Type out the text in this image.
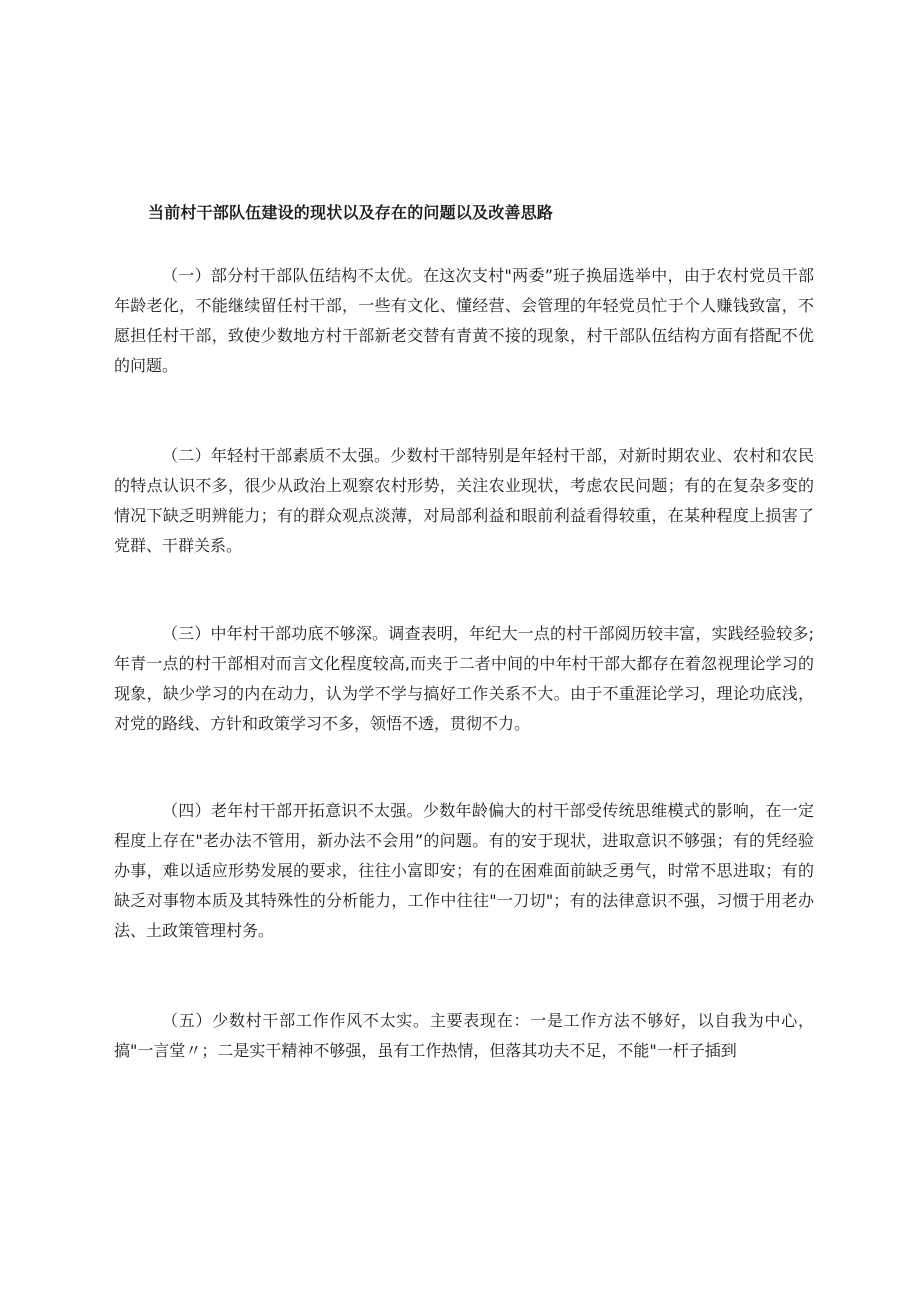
当前村干部队伍建设的现状以及存在的问题以及改善思路

（一）部分村干部队伍结构不太优。在这次支村"两委”班子换届选举中，由于农村党员干部年龄老化，不能继续留任村干部，一些有文化、懂经营、会管理的年轻党员忙于个人赚钱致富，不愿担任村干部，致使少数地方村干部新老交替有青黄不接的现象，村干部队伍结构方面有搭配不优的问题。

（二）年轻村干部素质不太强。少数村干部特别是年轻村干部，对新时期农业、农村和农民的特点认识不多，很少从政治上观察农村形势，关注农业现状，考虑农民问题；有的在复杂多变的情况下缺乏明辨能力；有的群众观点淡薄，对局部利益和眼前利益看得较重，在某种程度上损害了党群、干群关系。

（三）中年村干部功底不够深。调查表明，年纪大一点的村干部阅历较丰富，实践经验较多;年青一点的村干部相对而言文化程度较高,而夹于二者中间的中年村干部大都存在着忽视理论学习的现象，缺少学习的内在动力，认为学不学与搞好工作关系不大。由于不重涯论学习，理论功底浅，对党的路线、方针和政策学习不多，领悟不透，贯彻不力。

（四）老年村干部开拓意识不太强。少数年龄偏大的村干部受传统思维模式的影响，在一定程度上存在"老办法不管用，新办法不会用”的问题。有的安于现状，进取意识不够强；有的凭经验办事，难以适应形势发展的要求，往往小富即安；有的在困难面前缺乏勇气，时常不思进取；有的缺乏对事物本质及其特殊性的分析能力，工作中往往"一刀切"；有的法律意识不强，习惯于用老办法、土政策管理村务。

（五）少数村干部工作作风不太实。主要表现在：一是工作方法不够好，以自我为中心，搞"一言堂〃；二是实干精神不够强，虽有工作热情，但落其功夫不足，不能"一杆子插到
